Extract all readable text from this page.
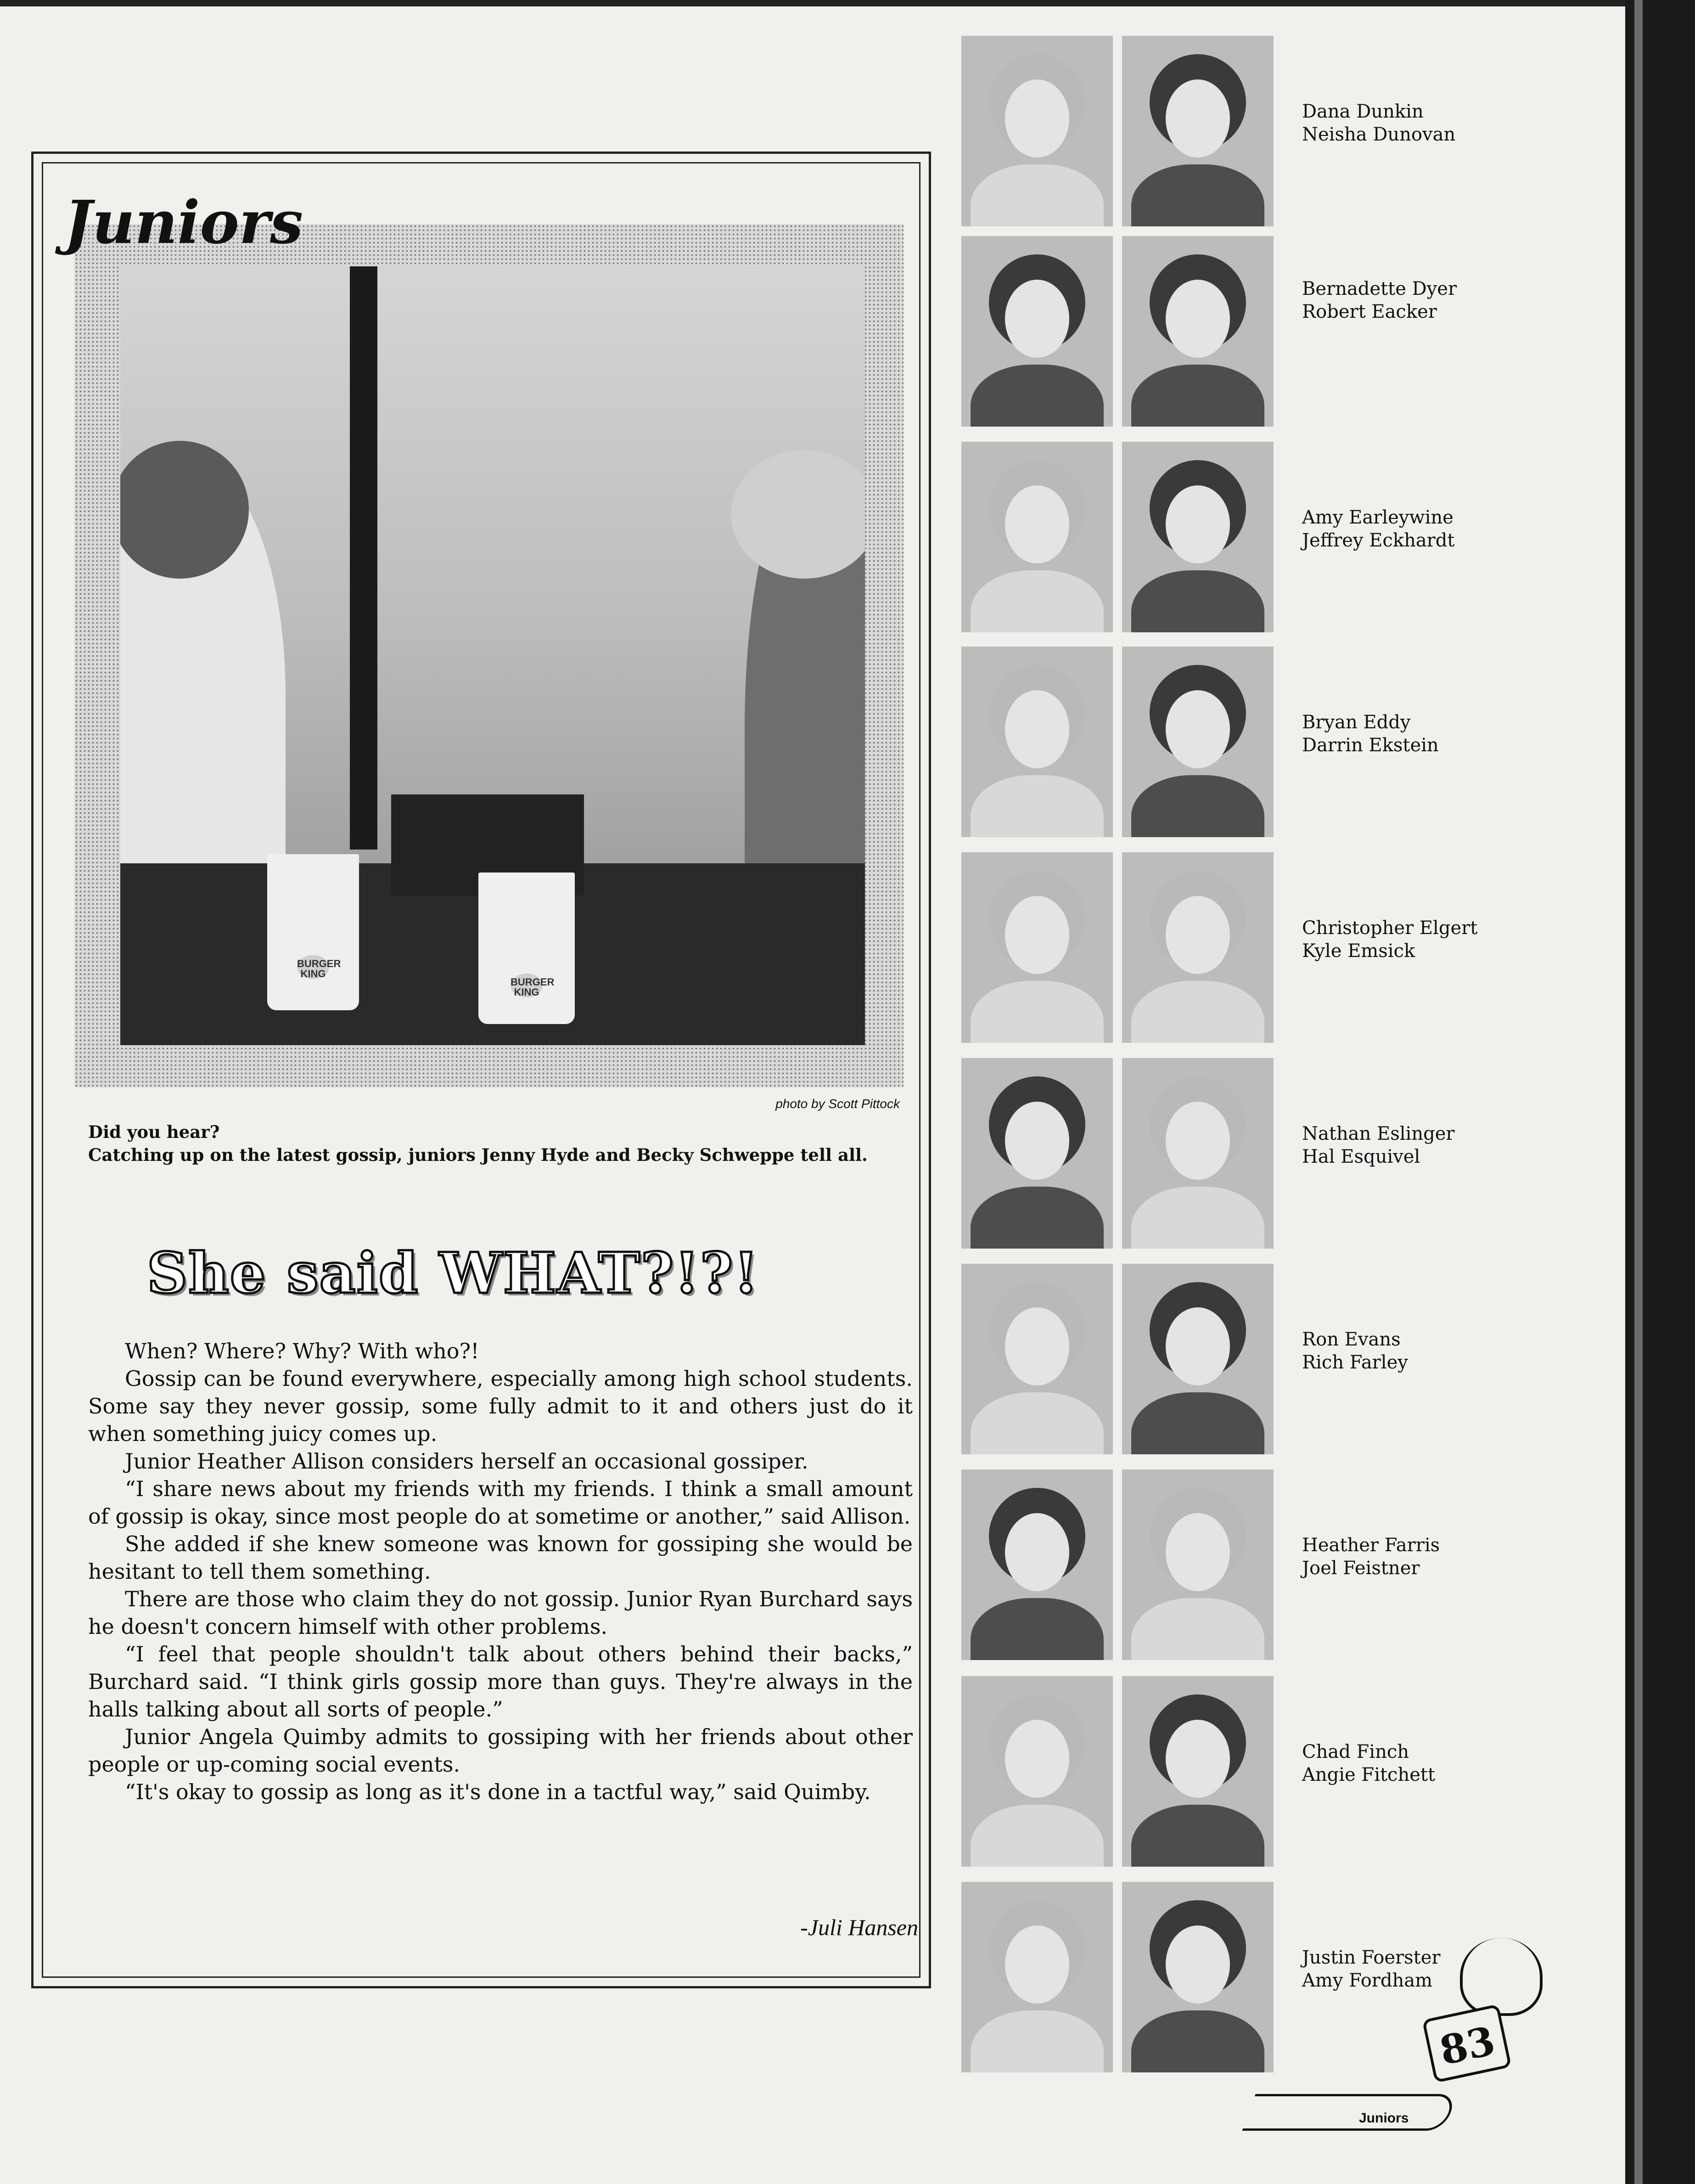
Juniors
BURGER KING
BURGER KING
photo by Scott Pittock
Did you hear?
Catching up on the latest gossip, juniors Jenny Hyde and Becky Schweppe tell all.
She said WHAT?!?!

When? Where? Why? With who?!

Gossip can be found everywhere, especially among high school students. Some say they never gossip, some fully admit to it and others just do it when something juicy comes up.

Junior Heather Allison considers herself an occasional gossiper.

“I share news about my friends with my friends. I think a small amount of gossip is okay, since most people do at sometime or another,” said Allison.

She added if she knew someone was known for gossiping she would be hesitant to tell them something.

There are those who claim they do not gossip. Junior Ryan Burchard says he doesn't concern himself with other problems.

“I feel that people shouldn't talk about others behind their backs,” Burchard said. “I think girls gossip more than guys. They're always in the halls talking about all sorts of people.”

Junior Angela Quimby admits to gossiping with her friends about other people or up-coming social events.

“It's okay to gossip as long as it's done in a tactful way,” said Quimby.

-Juli Hansen
Dana Dunkin
Neisha Dunovan
Bernadette Dyer
Robert Eacker
Amy Earleywine
Jeffrey Eckhardt
Bryan Eddy
Darrin Ekstein
Christopher Elgert
Kyle Emsick
Nathan Eslinger
Hal Esquivel
Ron Evans
Rich Farley
Heather Farris
Joel Feistner
Chad Finch
Angie Fitchett
Justin Foerster
Amy Fordham
83
Juniors
